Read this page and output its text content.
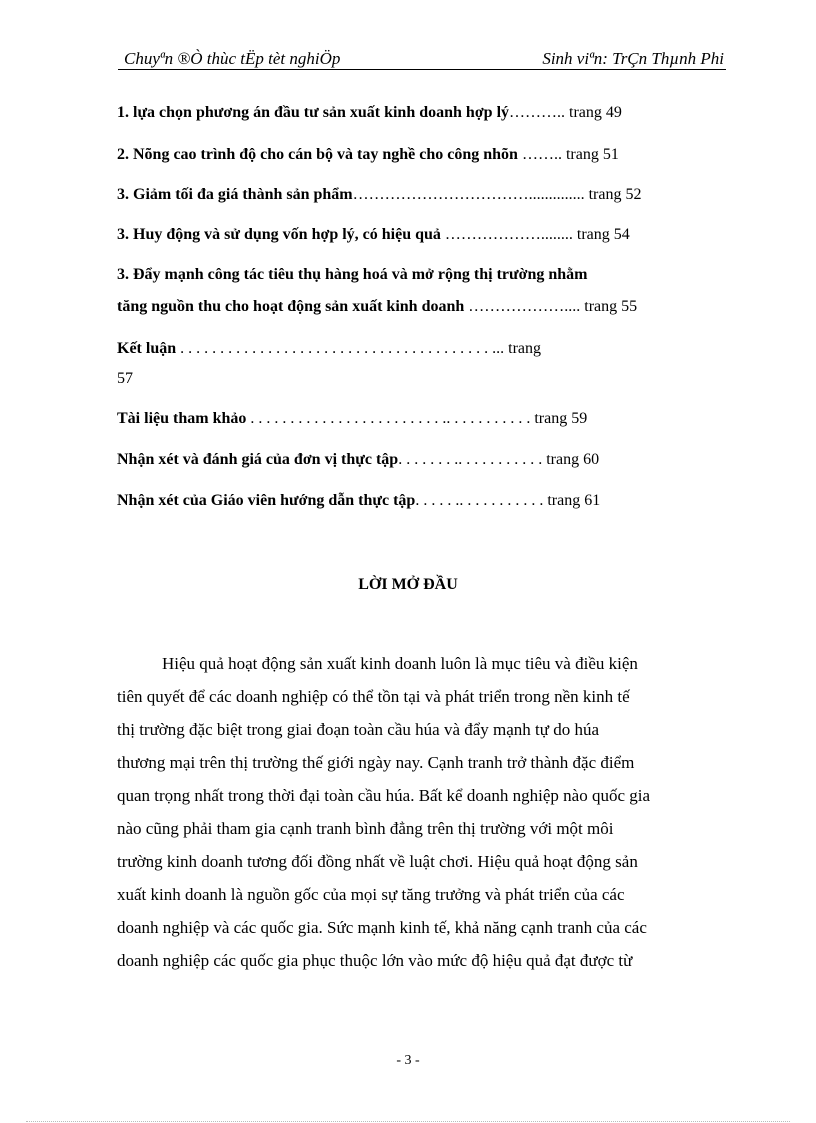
Chuyªn ®Ò thùc tËp tèt nghiÖp	Sinh viªn: TrÇn Thµnh Phi
1. lựa chọn phương án đầu tư sản xuất kinh doanh hợp lý……….. trang 49
2. Nõng cao trình độ cho cán bộ và tay nghề cho công nhõn …….. trang 51
3. Giảm tối đa giá thành sản phẩm…………………………….............. trang 52
3. Huy động và sử dụng vốn hợp lý, có hiệu quả ………………........ trang 54
3. Đẩy mạnh công tác tiêu thụ hàng hoá và mở rộng thị trường nhằm
tăng nguồn thu cho hoạt động sản xuất kinh doanh ……………….... trang 55
Kết luận . . . . . . . . . . . . . . . . . . . . . . . . . . . . . . . . . . . . . . . ... trang
57
Tài liệu tham khảo . . . . . . . . . . . . . . . . . . . . . . . . .. . . . . . . . . . . trang 59
Nhận xét và đánh giá của đơn vị thực tập. . . . . . . .. . . . . . . . . . . trang 60
Nhận xét của Giáo viên hướng dẫn thực tập. . . . . .. . . . . . . . . . . trang 61
LỜI MỞ ĐẦU
Hiệu quả hoạt động sản xuất kinh doanh luôn là mục tiêu và điều kiện
tiên quyết để các doanh nghiệp có thể tồn tại và phát triển trong nền kinh tế
thị trường đặc biệt trong giai đoạn toàn cầu húa và đẩy mạnh tự do húa
thương mại trên thị trường thế giới ngày nay. Cạnh tranh trở thành đặc điểm
quan trọng nhất trong thời đại toàn cầu húa. Bất kể doanh nghiệp nào quốc gia
nào cũng phải tham gia cạnh tranh bình đẳng trên thị trường với một môi
trường kinh doanh tương đối đồng nhất về luật chơi. Hiệu quả hoạt động sản
xuất kinh doanh là nguồn gốc của mọi sự tăng trưởng và phát triển của các
doanh nghiệp và các quốc gia. Sức mạnh kinh tế, khả năng cạnh tranh của các
doanh nghiệp các quốc gia phục thuộc lớn vào mức độ hiệu quả đạt được từ
- 3 -
